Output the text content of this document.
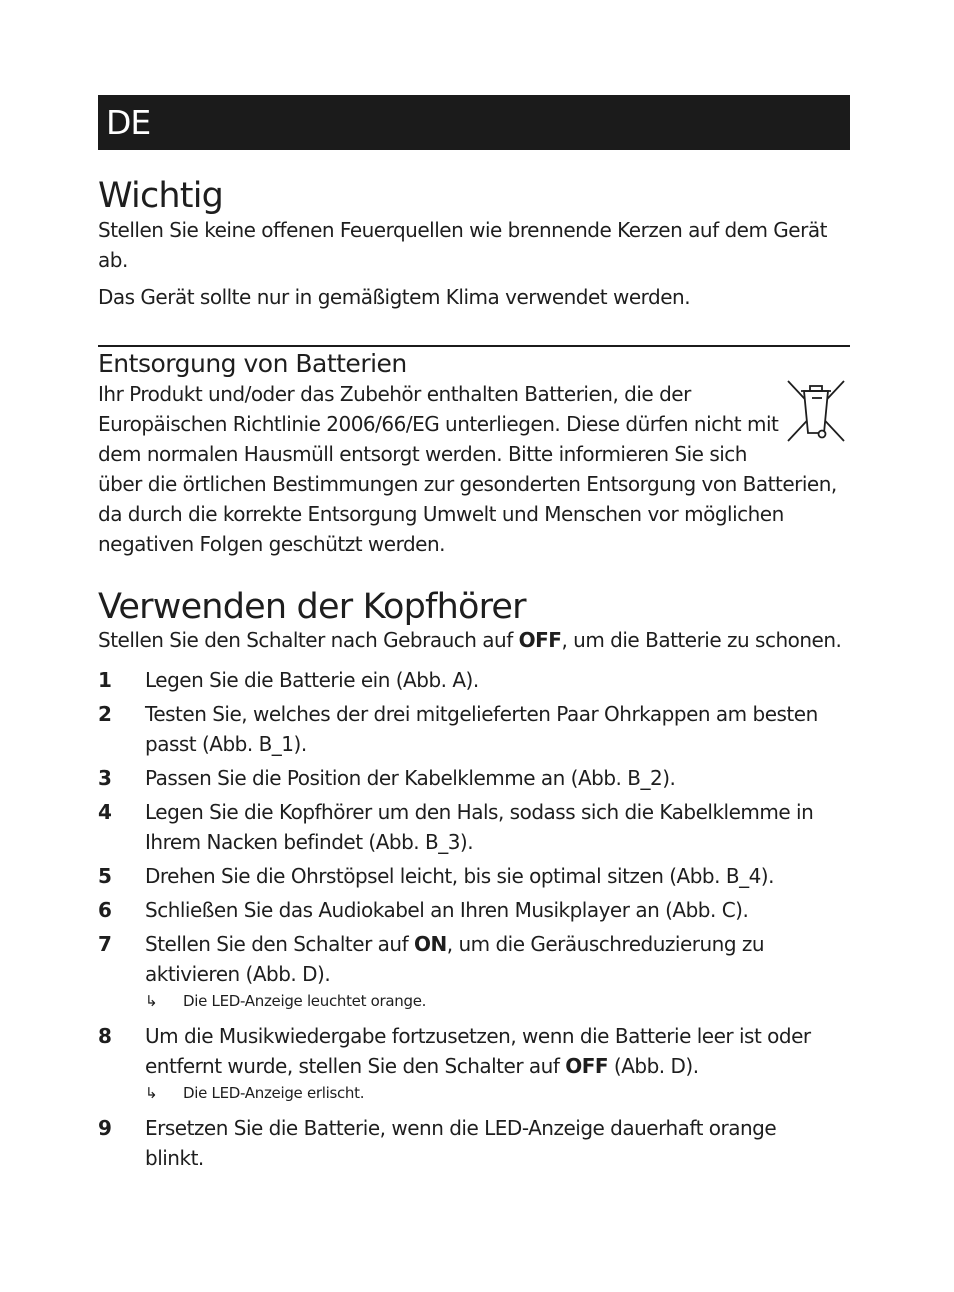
DE
Wichtig

Stellen Sie keine offenen Feuerquellen wie brennende Kerzen auf dem Gerät ab.

Das Gerät sollte nur in gemäßigtem Klima verwendet werden.

Entsorgung von Batterien

Ihr Produkt und/oder das Zubehör enthalten Batterien, die der

Europäischen Richtlinie 2006/66/EG unterliegen. Diese dürfen nicht mit

dem normalen Hausmüll entsorgt werden. Bitte informieren Sie sich

über die örtlichen Bestimmungen zur gesonderten Entsorgung von Batterien,

da durch die korrekte Entsorgung Umwelt und Menschen vor möglichen

negativen Folgen geschützt werden.

Verwenden der Kopfhörer

Stellen Sie den Schalter nach Gebrauch auf OFF, um die Batterie zu schonen.

1 Legen Sie die Batterie ein (Abb. A).
2 Testen Sie, welches der drei mitgelieferten Paar Ohrkappen am besten
passt (Abb. B_1).
3 Passen Sie die Position der Kabelklemme an (Abb. B_2).
4 Legen Sie die Kopfhörer um den Hals, sodass sich die Kabelklemme in
Ihrem Nacken befindet (Abb. B_3).
5 Drehen Sie die Ohrstöpsel leicht, bis sie optimal sitzen (Abb. B_4).
6 Schließen Sie das Audiokabel an Ihren Musikplayer an (Abb. C).
7 Stellen Sie den Schalter auf ON, um die Geräuschreduzierung zu
aktivieren (Abb. D).
↳ Die LED-Anzeige leuchtet orange.
8 Um die Musikwiedergabe fortzusetzen, wenn die Batterie leer ist oder
entfernt wurde, stellen Sie den Schalter auf OFF (Abb. D).
↳ Die LED-Anzeige erlischt.
9 Ersetzen Sie die Batterie, wenn die LED-Anzeige dauerhaft orange
blinkt.
